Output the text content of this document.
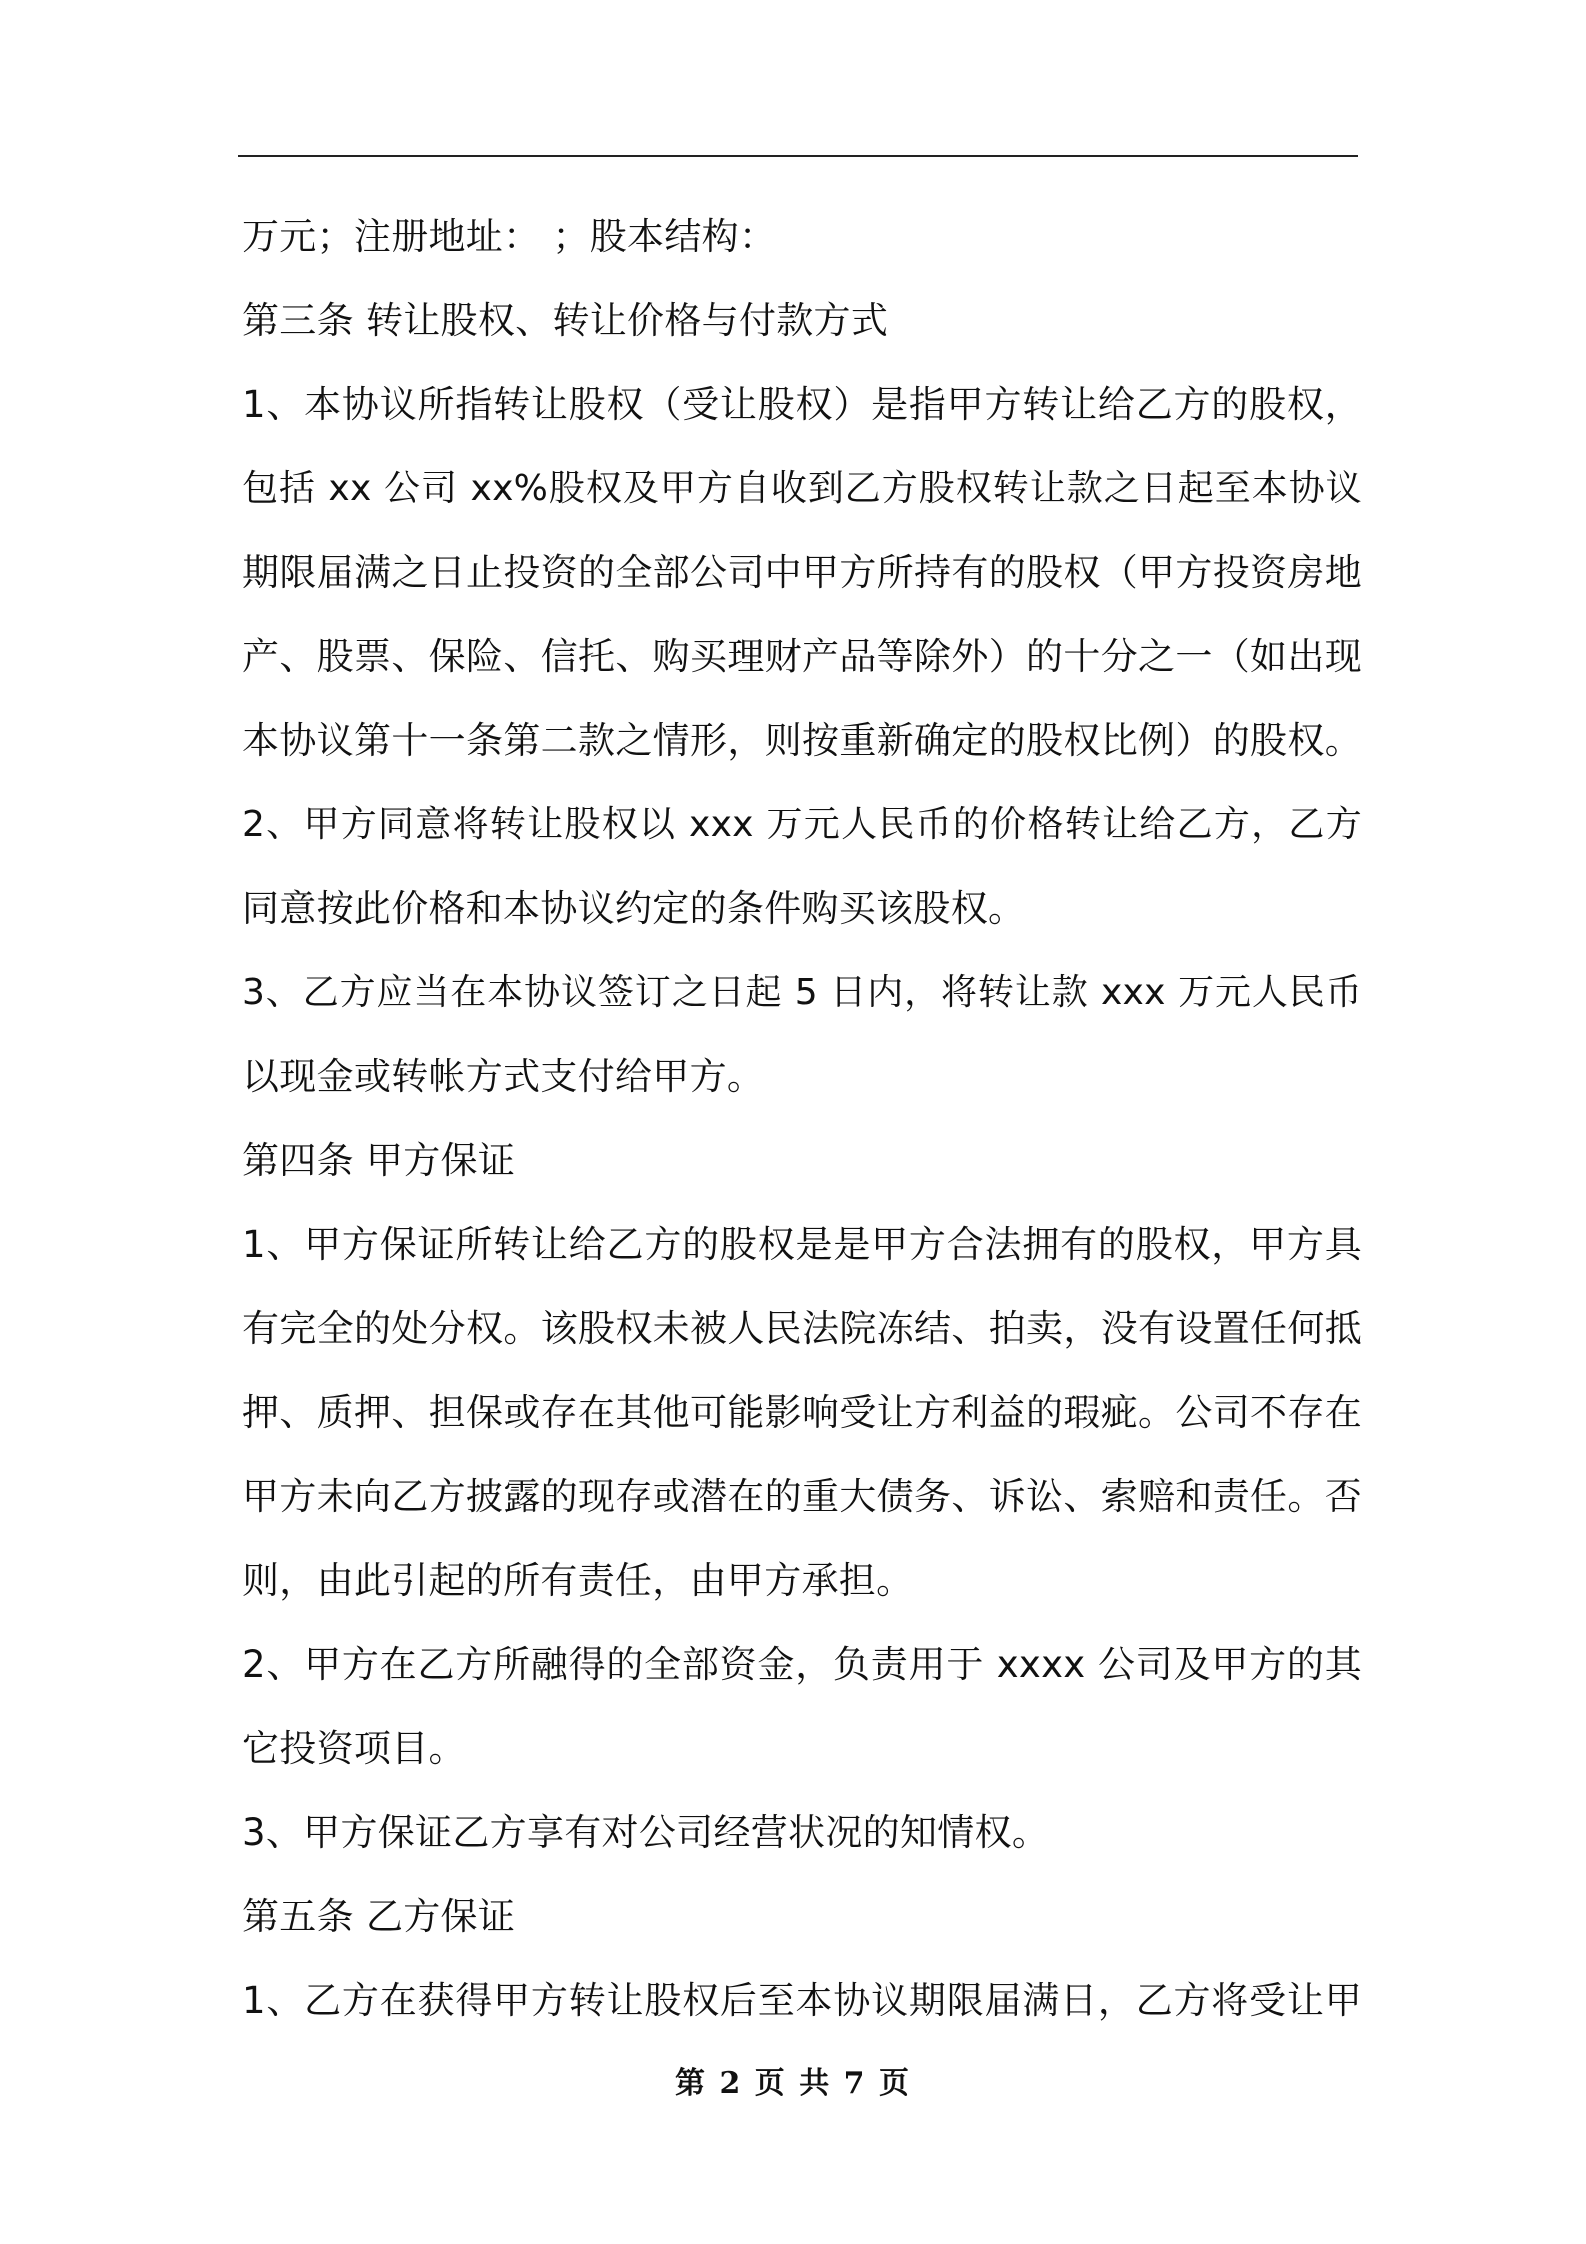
万元；注册地址： ；股本结构：
第三条 转让股权、转让价格与付款方式
1、本协议所指转让股权（受让股权）是指甲方转让给乙方的股权，
包括 xx 公司 xx%股权及甲方自收到乙方股权转让款之日起至本协议
期限届满之日止投资的全部公司中甲方所持有的股权（甲方投资房地
产、股票、保险、信托、购买理财产品等除外）的十分之一（如出现
本协议第十一条第二款之情形，则按重新确定的股权比例）的股权。
2、甲方同意将转让股权以 xxx 万元人民币的价格转让给乙方，乙方
同意按此价格和本协议约定的条件购买该股权。
3、乙方应当在本协议签订之日起 5 日内，将转让款 xxx 万元人民币
以现金或转帐方式支付给甲方。
第四条 甲方保证
1、甲方保证所转让给乙方的股权是是甲方合法拥有的股权，甲方具
有完全的处分权。该股权未被人民法院冻结、拍卖，没有设置任何抵
押、质押、担保或存在其他可能影响受让方利益的瑕疵。公司不存在
甲方未向乙方披露的现存或潜在的重大债务、诉讼、索赔和责任。否
则，由此引起的所有责任，由甲方承担。
2、甲方在乙方所融得的全部资金，负责用于 xxxx 公司及甲方的其
它投资项目。
3、甲方保证乙方享有对公司经营状况的知情权。
第五条 乙方保证
1、乙方在获得甲方转让股权后至本协议期限届满日，乙方将受让甲
第 2 页 共 7 页
